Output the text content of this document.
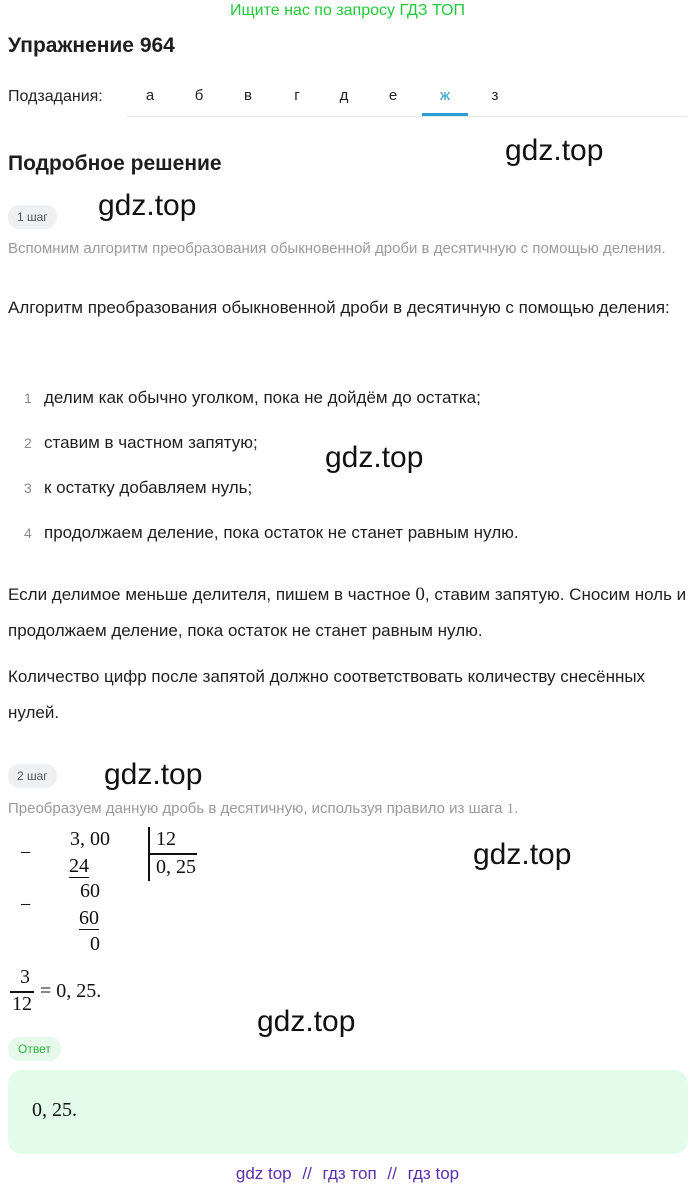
Ищите нас по запросу ГДЗ ТОП
Упражнение 964
Подзадания:	а	б	в	г	д	е	ж	з
Подробное решение	gdz.top
gdz.top
gdz.top
gdz.top
gdz.top
gdz.top
1 шаг
Вспомним алгоритм преобразования обыкновенной дроби в десятичную с помощью деления.
Алгоритм преобразования обыкновенной дроби в десятичную с помощью деления:
1 делим как обычно уголком, пока не дойдём до остатка;
2 ставим в частном запятую;
3 к остатку добавляем нуль;
4 продолжаем деление, пока остаток не станет равным нулю.
Если делимое меньше делителя, пишем в частное 0, ставим запятую. Сносим ноль и продолжаем деление, пока остаток не станет равным нулю.
Количество цифр после запятой должно соответствовать количеству снесённых нулей.
2 шаг
Преобразуем данную дробь в десятичную, используя правило из шага 1.
−
3, 00 12
0, 25
24
60
−
60
0
3
12
= 0, 25.
Ответ
0, 25.
gdz top // гдз топ // гдз top
